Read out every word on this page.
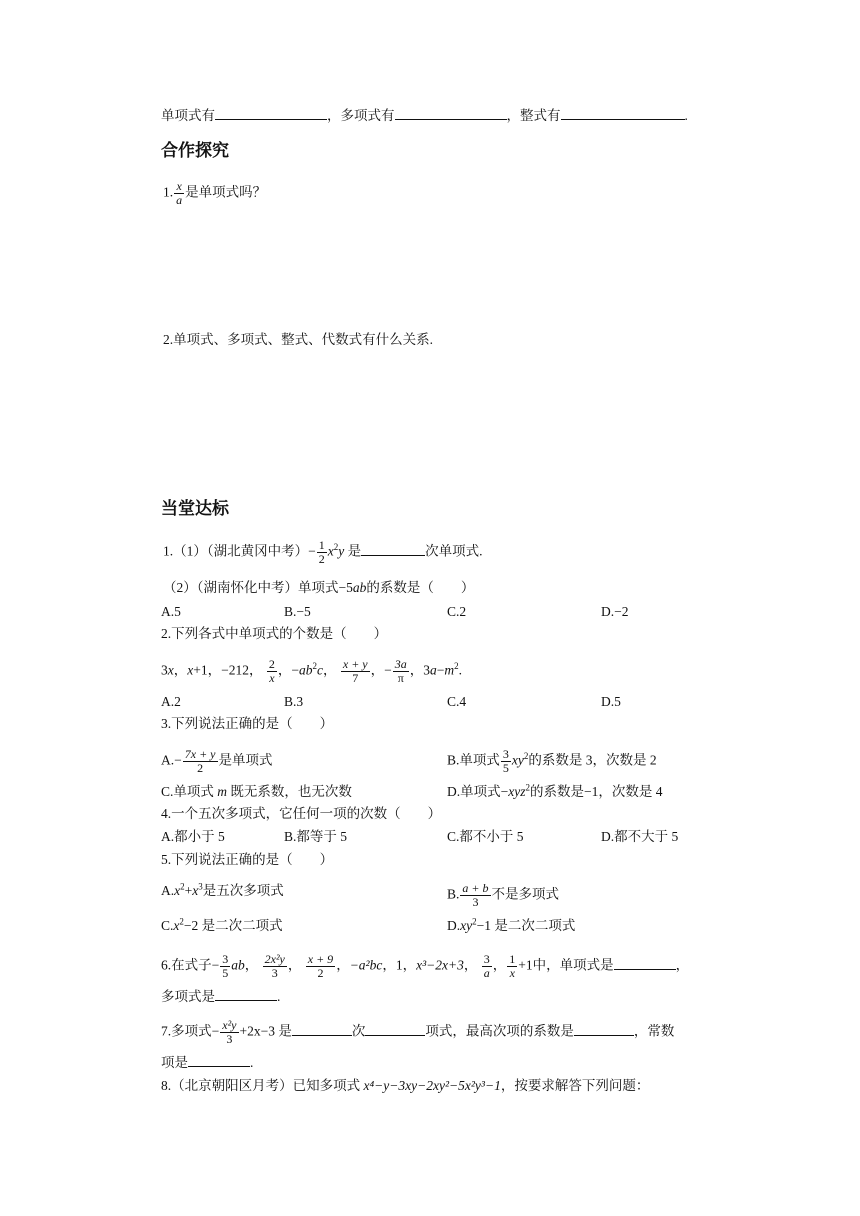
单项式有	，多项式有	，整式有	.
合作探究
1. $\frac{x}{a}$ 是单项式吗？
2.单项式、多项式、整式、代数式有什么关系.
当堂达标
1.（1）（湖北黄冈中考）− $\frac{1}{2} x^2y$ 是	次单项式.
（2）（湖南怀化中考）单项式−5ab的系数是（　　）
A.5	B.−5	C.2	D.−2
2.下列各式中单项式的个数是（　　）
3x，x+1，−212， $\frac{2}{x}$ ，$-ab^2c$， $\frac{x + y}{7}$ ，− $\frac{3a}{\pi}$ ，$3a-m^2$.
A.2	B.3	C.4	D.5
3.下列说法正确的是（　　）
$A.- \frac{7x + y}{2}$ 是单项式	B.单项式 $\frac{3}{5} xy^2$的系数是 3，次数是 2
C.单项式 m 既无系数，也无次数	D.单项式−xyz$^2$的系数是−1，次数是 4
4.一个五次多项式，它任何一项的次数（　　）
A.都小于 5	B.都等于 5	C.都不小于 5	D.都不大于 5
5.下列说法正确的是（　　）
$A.x^2+x^3$是五次多项式	B. $\frac{a + b}{3}$ 不是多项式
$C.x^2-2$ 是二次二项式	$D.xy^2-1$ 是二次二项式
6.在式子− $\frac{3}{5}$ ab， $\frac{\text{2x²y}}{3}$ ， $\frac{x + 9}{2}$ ，−a²bc，1，x³−2x+3， $\frac{3}{a}$ ， $\frac{1}{x} +1$中，单项式是	，
多项式是	.
7.多项式− $\frac{\text{x²y}}{3} +2x-3$ 是	次	项式，最高次项的系数是	，常数
项是	.
8.（北京朝阳区月考）已知多项式 x⁴−y−3xy−2xy²−5x²y³−1，按要求解答下列问题：
